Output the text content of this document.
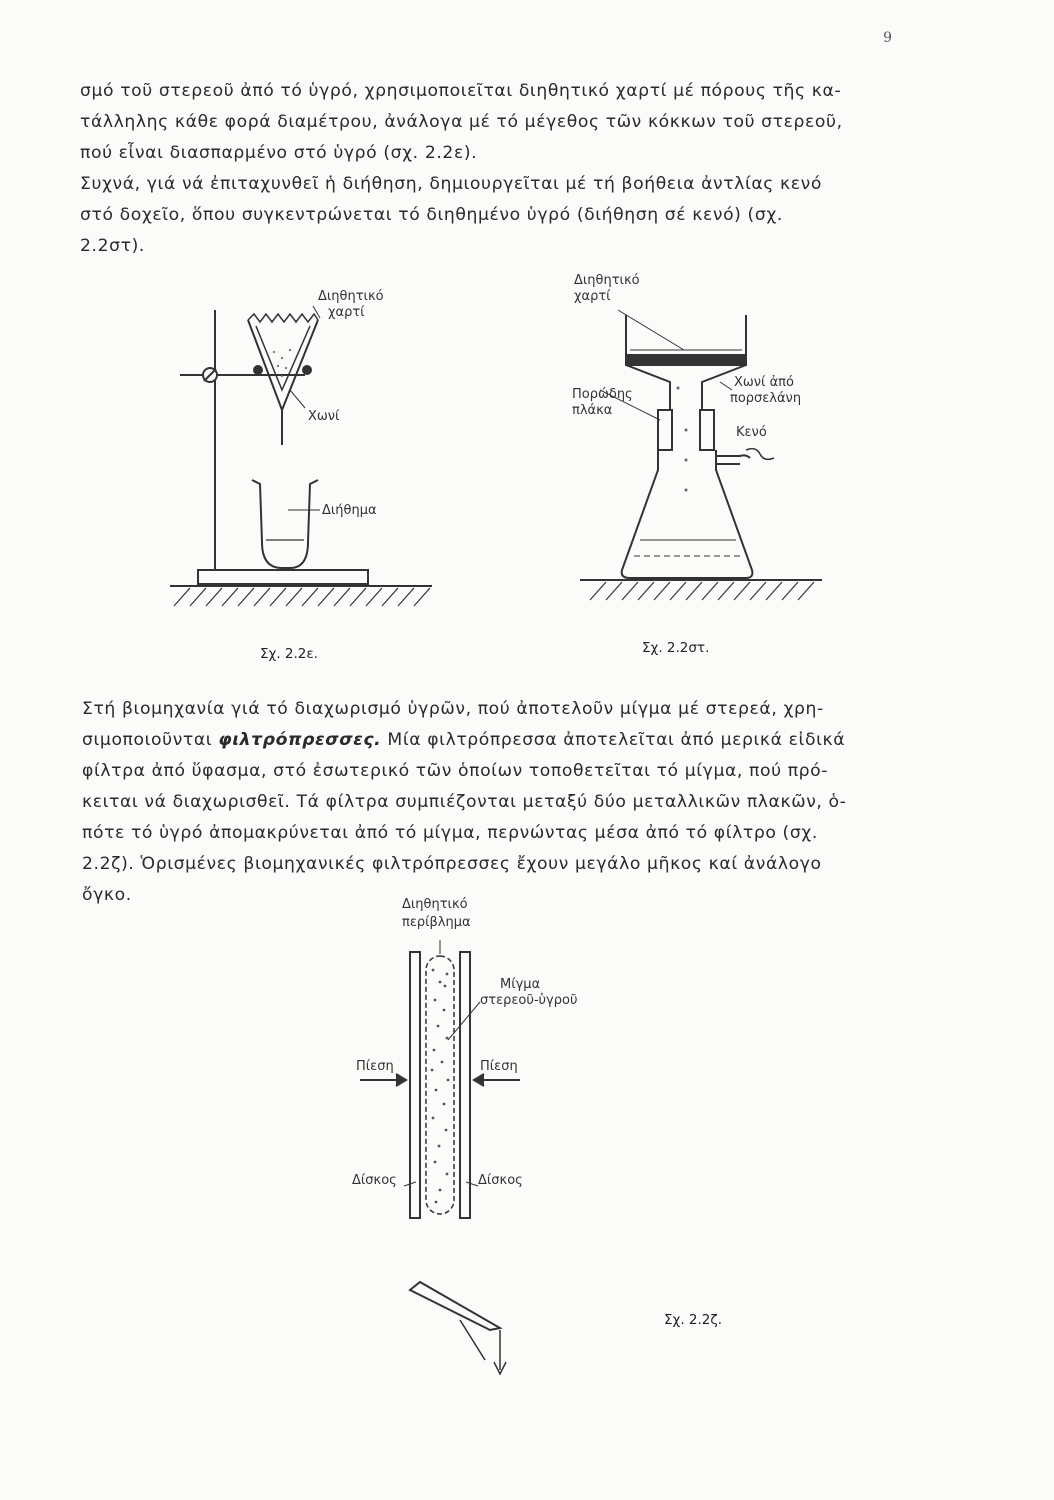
9
σμό τοῦ στερεοῦ ἀπό τό ὑγρό, χρησιμοποιεῖται διηθητικό χαρτί μέ πόρους τῆς κα-
τάλληλης κάθε φορά διαμέτρου, ἀνάλογα μέ τό μέγεθος τῶν κόκκων τοῦ στερεοῦ,
πού εἶναι διασπαρμένο στό ὑγρό (σχ. 2.2ε).
Συχνά, γιά νά ἐπιταχυνθεῖ ἡ διήθηση, δημιουργεῖται μέ τή βοήθεια ἀντλίας κενό
στό δοχεῖο, ὅπου συγκεντρώνεται τό διηθημένο ὑγρό (διήθηση σέ κενό) (σχ.
2.2στ).
Διηθητικό
χαρτί
Χωνί
Διήθημα
Σχ. 2.2ε.
Διηθητικό
χαρτί
Πορώδης
πλάκα
Χωνί ἀπό
πορσελάνη
Κενό
Σχ. 2.2στ.
Στή βιομηχανία γιά τό διαχωρισμό ὑγρῶν, πού ἀποτελοῦν μίγμα μέ στερεά, χρη-
σιμοποιοῦνται φιλτρόπρεσσες. Μία φιλτρόπρεσσα ἀποτελεῖται ἀπό μερικά εἰδικά
φίλτρα ἀπό ὕφασμα, στό ἐσωτερικό τῶν ὁποίων τοποθετεῖται τό μίγμα, πού πρό-
κειται νά διαχωρισθεῖ. Τά φίλτρα συμπιέζονται μεταξύ δύο μεταλλικῶν πλακῶν, ὁ-
πότε τό ὑγρό ἀπομακρύνεται ἀπό τό μίγμα, περνώντας μέσα ἀπό τό φίλτρο (σχ.
2.2ζ). Ὁρισμένες βιομηχανικές φιλτρόπρεσσες ἔχουν μεγάλο μῆκος καί ἀνάλογο
ὄγκο.	Διηθητικό
περίβλημα
Μίγμα
στερεοῦ-ὑγροῦ
Πίεση	Πίεση
Δίσκος	Δίσκος
Σχ. 2.2ζ.
